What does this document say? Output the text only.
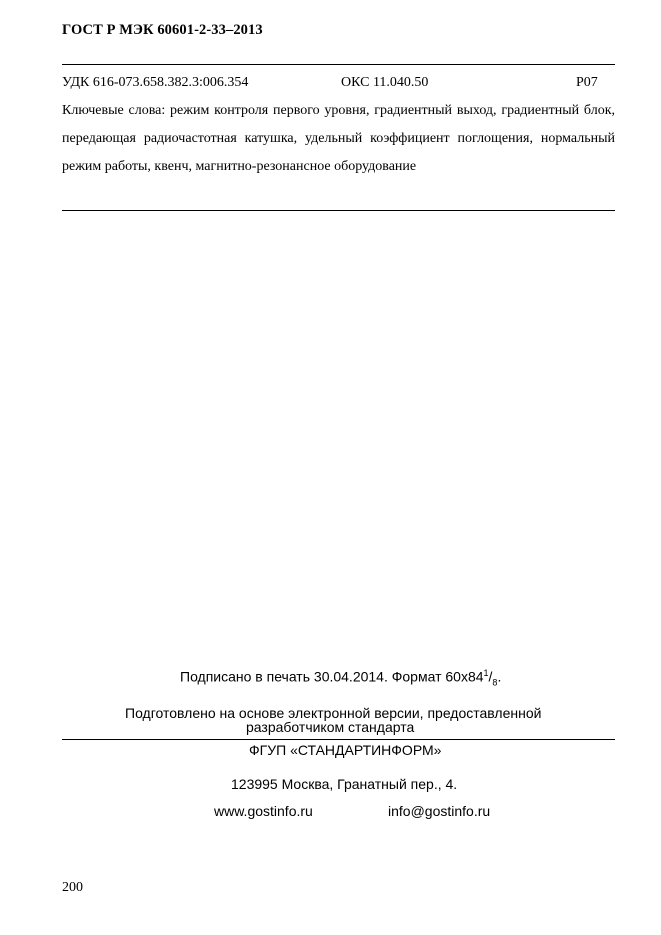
ГОСТ Р МЭК 60601-2-33–2013
УДК 616-073.658.382.3:006.354	ОКС 11.040.50	Р07

Ключевые слова: режим контроля первого уровня, градиентный выход, градиентный блок, передающая радиочастотная катушка, удельный коэффициент поглощения, нормальный режим работы, квенч, магнитно-резонансное оборудование

Подписано в печать 30.04.2014. Формат $60х84^1/_8$.
Подготовлено на основе электронной версии, предоставленной
разработчиком стандарта
ФГУП «СТАНДАРТИНФОРМ»
123995 Москва, Гранатный пер., 4.
www.gostinfo.ru	info@gostinfo.ru
200
